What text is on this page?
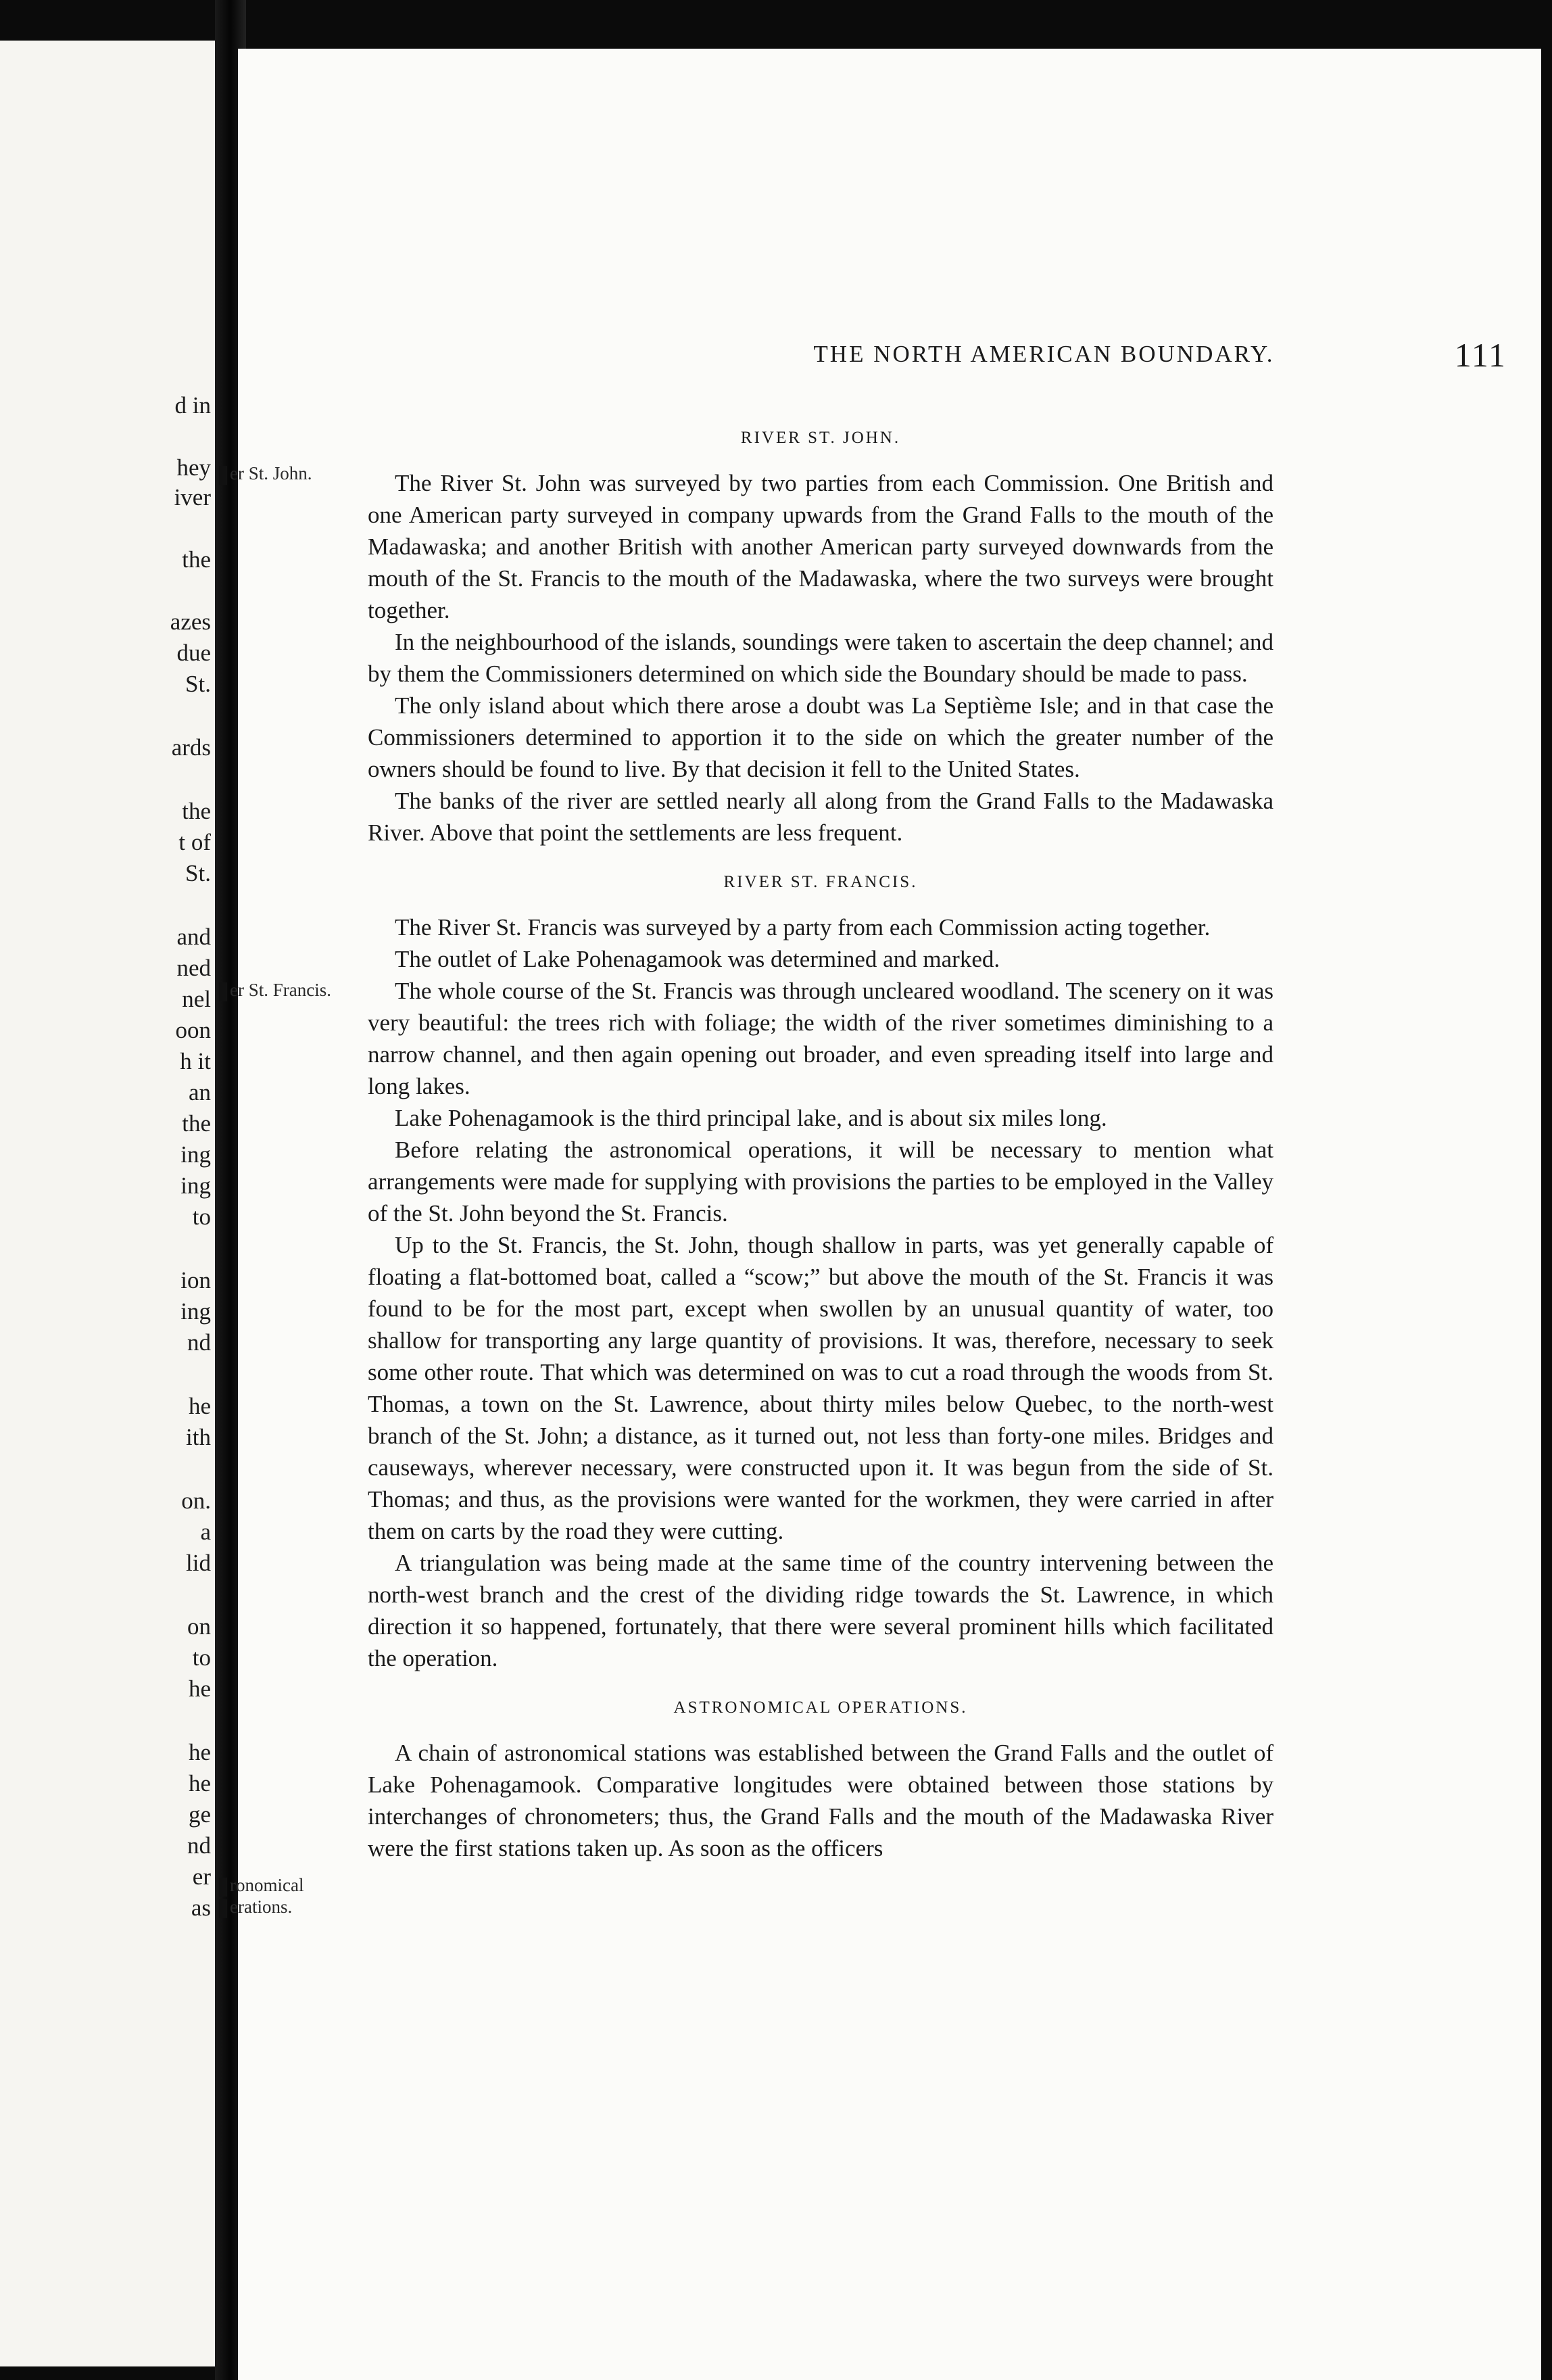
d in
hey
iver
the
azes
due
St.
ards
the
t of
St.
and
ned
nel
oon
h it
an
the
ing
ing
to
ion
ing
nd
he
ith
on.
a
lid
on
to
he
he
he
ge
nd
er
as
er St. John.
er St. Francis.
ronomical
erations.
THE NORTH AMERICAN BOUNDARY.	111
RIVER ST. JOHN.

The River St. John was surveyed by two parties from each Commission. One British and one American party surveyed in company upwards from the Grand Falls to the mouth of the Madawaska; and another British with another American party surveyed downwards from the mouth of the St. Francis to the mouth of the Madawaska, where the two surveys were brought together.

In the neighbourhood of the islands, soundings were taken to ascertain the deep channel; and by them the Commissioners determined on which side the Boundary should be made to pass.

The only island about which there arose a doubt was La Septième Isle; and in that case the Commissioners determined to apportion it to the side on which the greater number of the owners should be found to live. By that decision it fell to the United States.

The banks of the river are settled nearly all along from the Grand Falls to the Madawaska River. Above that point the settlements are less frequent.

RIVER ST. FRANCIS.

The River St. Francis was surveyed by a party from each Commission acting together.

The outlet of Lake Pohenagamook was determined and marked.

The whole course of the St. Francis was through uncleared woodland. The scenery on it was very beautiful: the trees rich with foliage; the width of the river sometimes diminishing to a narrow channel, and then again opening out broader, and even spreading itself into large and long lakes.

Lake Pohenagamook is the third principal lake, and is about six miles long.

Before relating the astronomical operations, it will be necessary to mention what arrangements were made for supplying with provisions the parties to be employed in the Valley of the St. John beyond the St. Francis.

Up to the St. Francis, the St. John, though shallow in parts, was yet generally capable of floating a flat-bottomed boat, called a “scow;” but above the mouth of the St. Francis it was found to be for the most part, except when swollen by an unusual quantity of water, too shallow for transporting any large quantity of provisions. It was, therefore, necessary to seek some other route. That which was determined on was to cut a road through the woods from St. Thomas, a town on the St. Lawrence, about thirty miles below Quebec, to the north-west branch of the St. John; a distance, as it turned out, not less than forty-one miles. Bridges and causeways, wherever necessary, were constructed upon it. It was begun from the side of St. Thomas; and thus, as the provisions were wanted for the workmen, they were carried in after them on carts by the road they were cutting.

A triangulation was being made at the same time of the country intervening between the north-west branch and the crest of the dividing ridge towards the St. Lawrence, in which direction it so happened, fortunately, that there were several prominent hills which facilitated the operation.

ASTRONOMICAL OPERATIONS.

A chain of astronomical stations was established between the Grand Falls and the outlet of Lake Pohenagamook. Comparative longitudes were obtained between those stations by interchanges of chronometers; thus, the Grand Falls and the mouth of the Madawaska River were the first stations taken up. As soon as the officers
